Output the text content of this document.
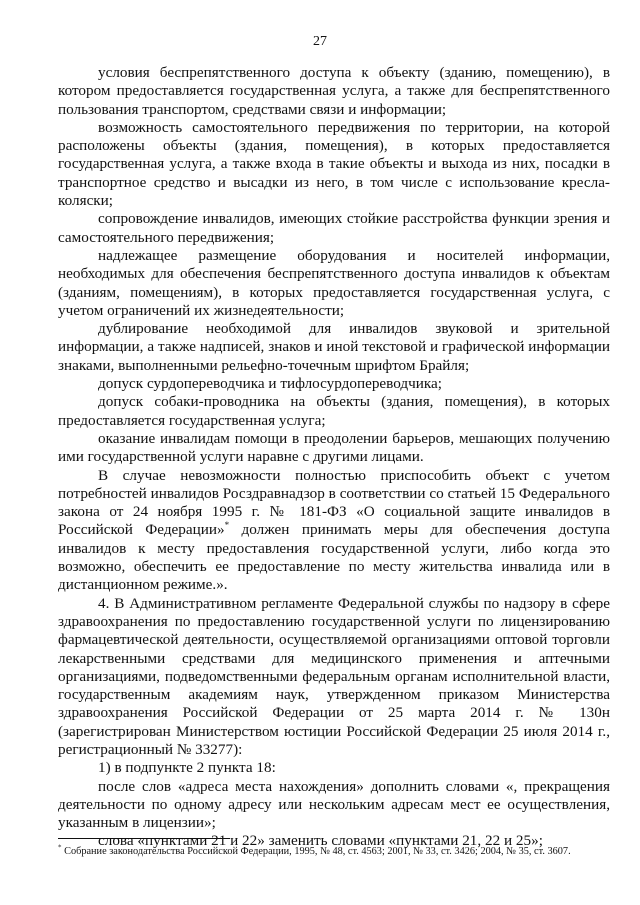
27

условия беспрепятственного доступа к объекту (зданию, помещению), в котором предоставляется государственная услуга, а также для беспрепятственного пользования транспортом, средствами связи и информации;

возможность самостоятельного передвижения по территории, на которой расположены объекты (здания, помещения), в которых предоставляется государственная услуга, а также входа в такие объекты и выхода из них, посадки в транспортное средство и высадки из него, в том числе с использование кресла-коляски;

сопровождение инвалидов, имеющих стойкие расстройства функции зрения и самостоятельного передвижения;

надлежащее размещение оборудования и носителей информации, необходимых для обеспечения беспрепятственного доступа инвалидов к объектам (зданиям, помещениям), в которых предоставляется государственная услуга, с учетом ограничений их жизнедеятельности;

дублирование необходимой для инвалидов звуковой и зрительной информации, а также надписей, знаков и иной текстовой и графической информации знаками, выполненными рельефно-точечным шрифтом Брайля;

допуск сурдопереводчика и тифлосурдопереводчика;

допуск собаки-проводника на объекты (здания, помещения), в которых предоставляется государственная услуга;

оказание инвалидам помощи в преодолении барьеров, мешающих получению ими государственной услуги наравне с другими лицами.

В случае невозможности полностью приспособить объект с учетом потребностей инвалидов Росздравнадзор в соответствии со статьей 15 Федерального закона от 24 ноября 1995 г. № 181-ФЗ «О социальной защите инвалидов в Российской Федерации»* должен принимать меры для обеспечения доступа инвалидов к месту предоставления государственной услуги, либо когда это возможно, обеспечить ее предоставление по месту жительства инвалида или в дистанционном режиме.».

4. В Административном регламенте Федеральной службы по надзору в сфере здравоохранения по предоставлению государственной услуги по лицензированию фармацевтической деятельности, осуществляемой организациями оптовой торговли лекарственными средствами для медицинского применения и аптечными организациями, подведомственными федеральным органам исполнительной власти, государственным академиям наук, утвержденном приказом Министерства здравоохранения Российской Федерации от 25 марта 2014 г. № 130н (зарегистрирован Министерством юстиции Российской Федерации 25 июля 2014 г., регистрационный № 33277):

1) в подпункте 2 пункта 18:

после слов «адреса места нахождения» дополнить словами «, прекращения деятельности по одному адресу или нескольким адресам мест ее осуществления, указанным в лицензии»;

слова «пунктами 21 и 22» заменить словами «пунктами 21, 22 и 25»;

* Собрание законодательства Российской Федерации, 1995, № 48, ст. 4563; 2001, № 33, ст. 3426; 2004, № 35, ст. 3607.
